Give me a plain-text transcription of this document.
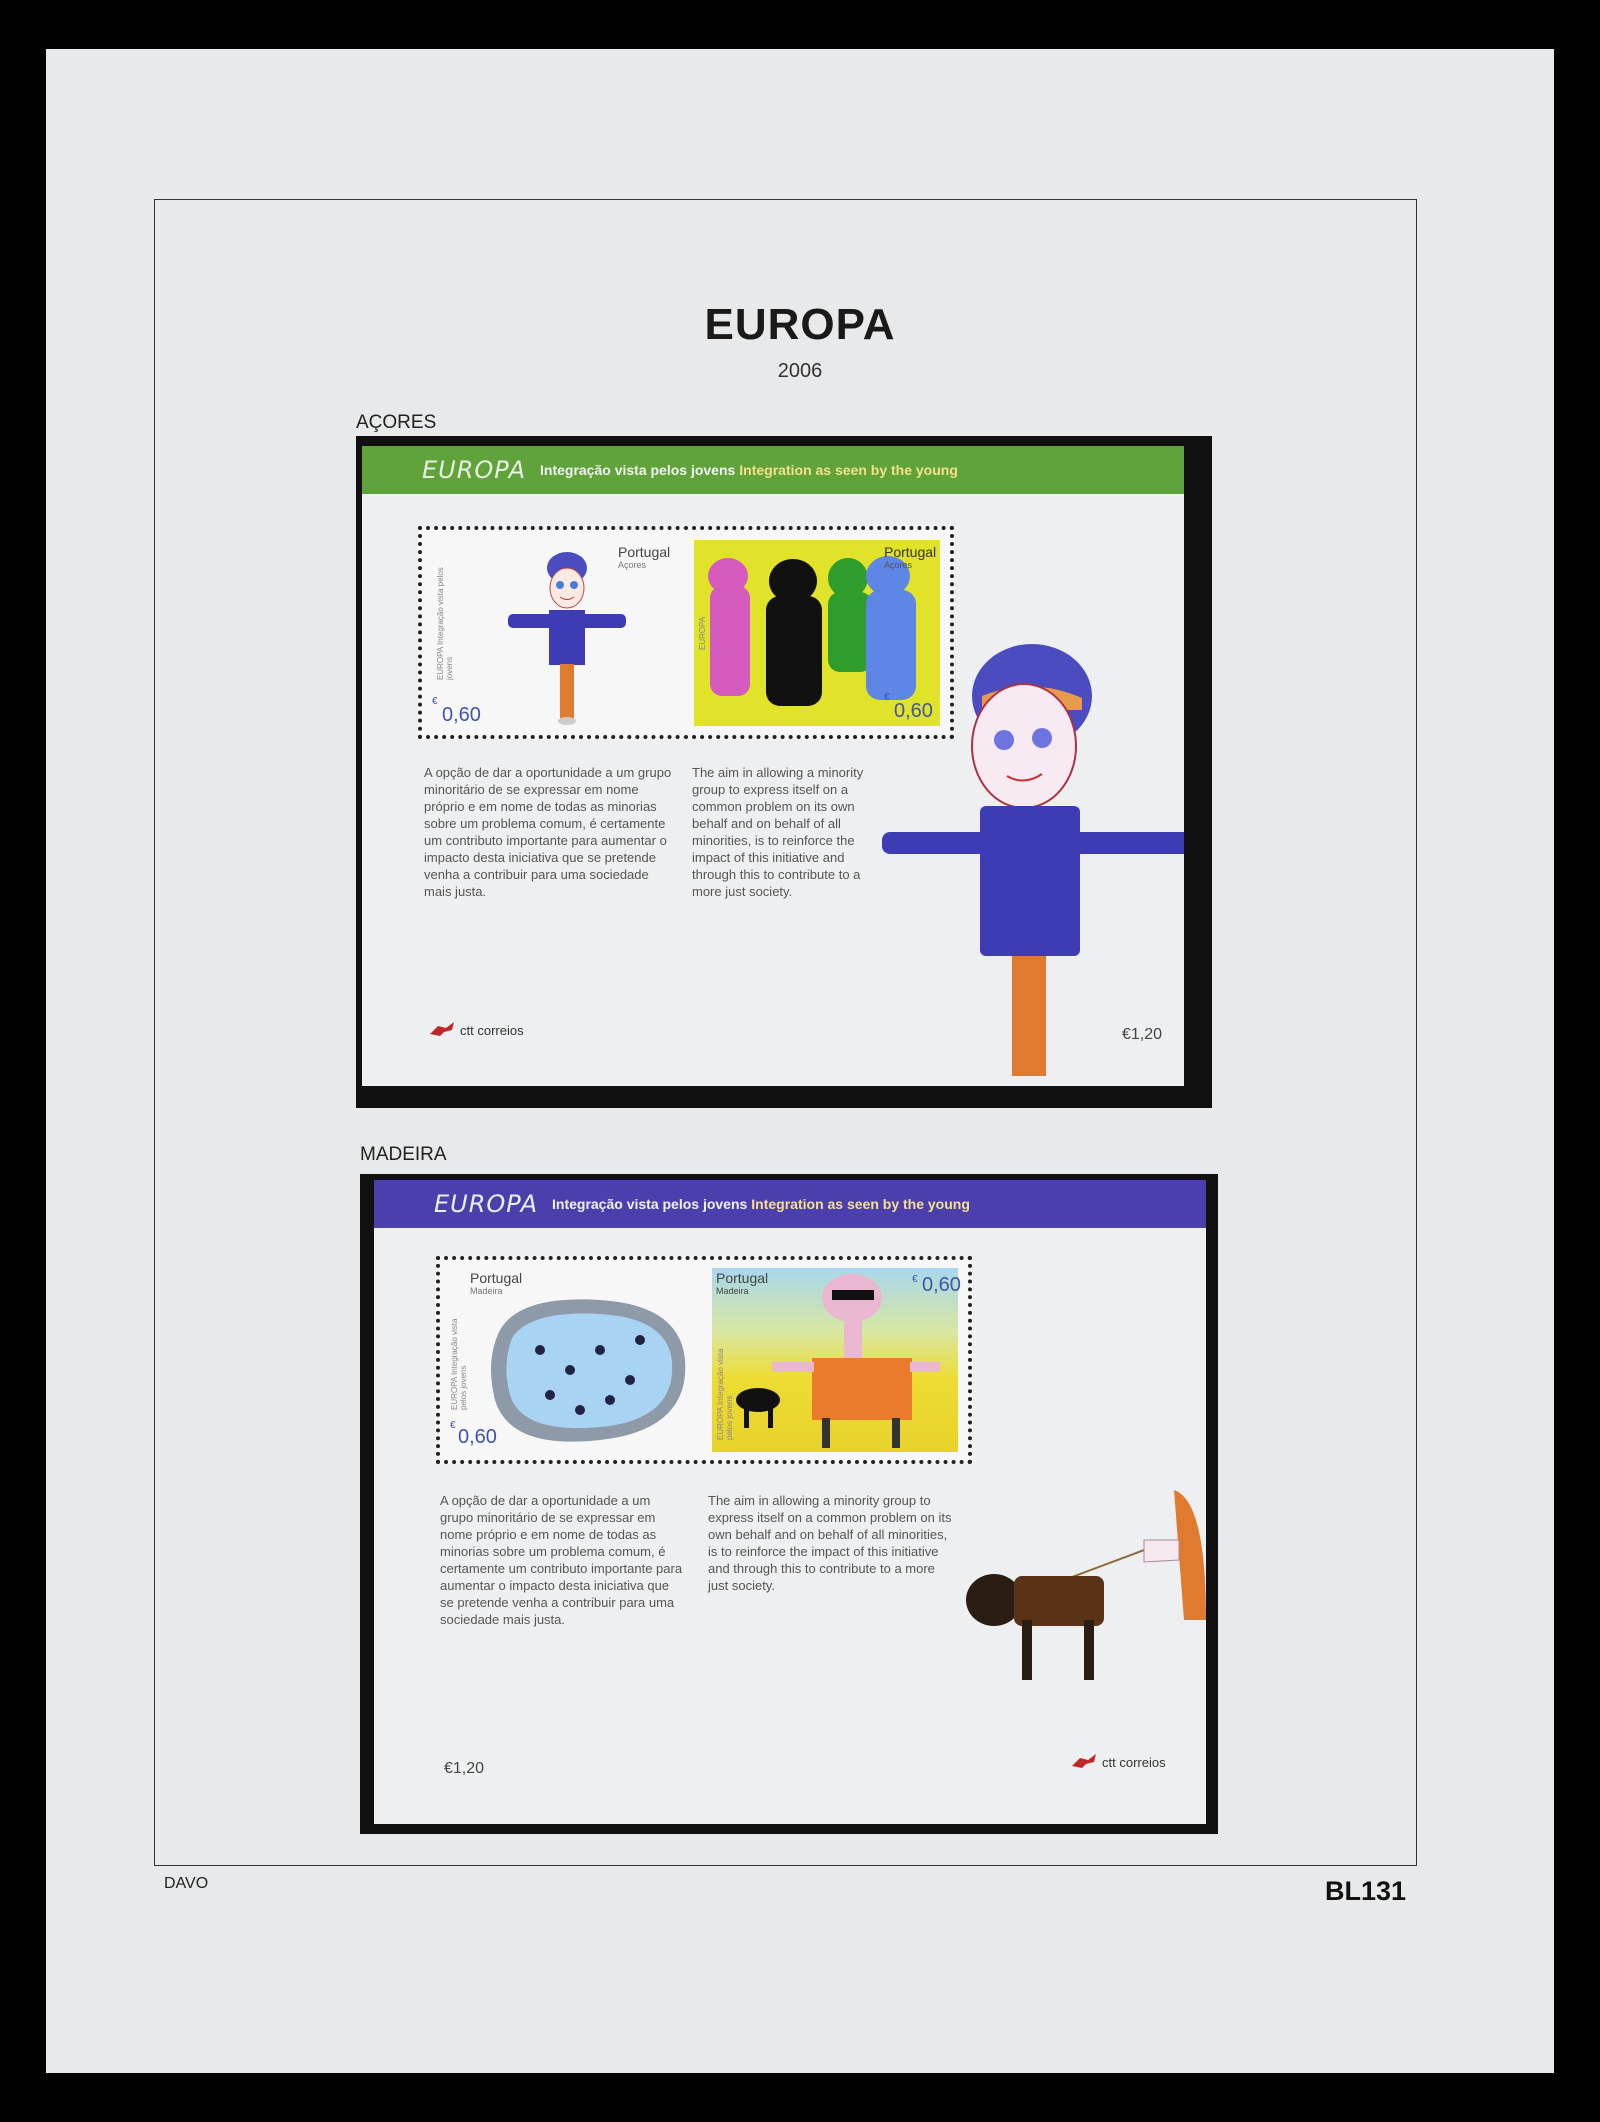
EUROPA
2006
AÇORES
EUROPA Integração vista pelos jovens Integration as seen by the young
EUROPA Integração vista pelos jovens
Portugal
Açores
€
0,60
Portugal
Açores
EUROPA
€
0,60
A opção de dar a oportunidade a um grupo minoritário de se expressar em nome próprio e em nome de todas as minorias sobre um problema comum, é certamente um contributo importante para aumentar o impacto desta iniciativa que se pretende venha a contribuir para uma sociedade mais justa.
The aim in allowing a minority group to express itself on a common problem on its own behalf and on behalf of all minorities, is to reinforce the impact of this initiative and through this to contribute to a more just society.
ctt correios	€1,20
MADEIRA
EUROPA Integração vista pelos jovens Integration as seen by the young
Portugal
Madeira
EUROPA Integração vista pelos jovens
€
0,60
Portugal
Madeira
€ 0,60
EUROPA Integração vista pelos jovens
A opção de dar a oportunidade a um grupo minoritário de se expressar em nome próprio e em nome de todas as minorias sobre um problema comum, é certamente um contributo importante para aumentar o impacto desta iniciativa que se pretende venha a contribuir para uma sociedade mais justa.
The aim in allowing a minority group to express itself on a common problem on its own behalf and on behalf of all minorities, is to reinforce the impact of this initiative and through this to contribute to a more just society.
€1,20	ctt correios
DAVO	BL131
